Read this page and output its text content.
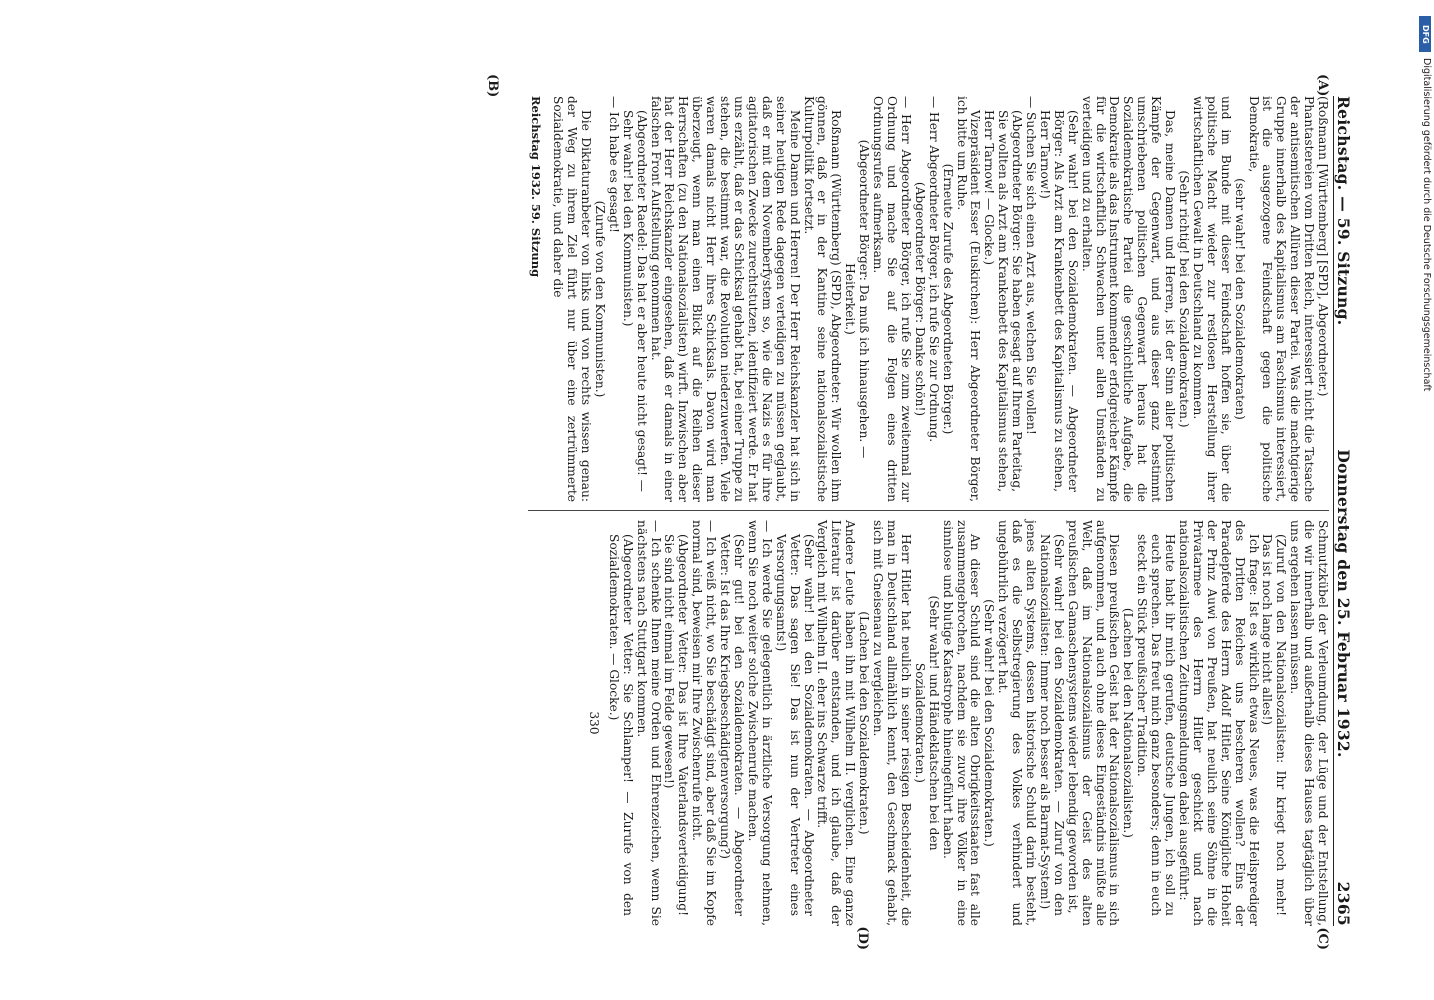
Reichstag. — 59. Sitzung.
Donnerstag den 25. Februar 1932.
2365
(A)
(B)

(Roßmann [Württemberg] [SPD], Abgeordneter.)

Phantastereien vom Dritten Reich, interessiert nicht die Tatsache der antisemitischen Allüren dieser Partei. Was die machtgierige Gruppe innerhalb des Kapitalismus am Faschismus interessiert, ist die ausgezogene Feindschaft gegen die politische Demokratie,

(sehr wahr! bei den Sozialdemokraten)

und im Bunde mit dieser Feindschaft hoffen sie, über die politische Macht wieder zur restlosen Herstellung ihrer wirtschaftlichen Gewalt in Deutschland zu kommen.

(Sehr richtig! bei den Sozialdemokraten.)

Das, meine Damen und Herren, ist der Sinn aller politischen Kämpfe der Gegenwart, und aus dieser ganz bestimmt umschriebenen politischen Gegenwart heraus hat die Sozialdemokratische Partei die geschichtliche Aufgabe, die Demokratie als das Instrument kommender erfolgreicher Kämpfe für die wirtschaftlich Schwachen unter allen Umständen zu verteidigen und zu erhalten.

(Sehr wahr! bei den Sozialdemokraten. — Abgeordneter Börger: Als Arzt am Krankenbett des Kapitalismus zu stehen, Herr Tarnow!)

— Suchen Sie sich einen Arzt aus, welchen Sie wollen!

(Abgeordneter Börger: Sie haben gesagt auf Ihrem Parteitag, Sie wollten als Arzt am Krankenbett des Kapitalismus stehen, Herr Tarnow! — Glocke.)

Vizepräsident Esser (Euskirchen): Herr Abgeordneter Börger, ich bitte um Ruhe.

(Erneute Zurufe des Abgeordneten Börger.)

— Herr Abgeordneter Börger, ich rufe Sie zur Ordnung.

(Abgeordneter Börger: Danke schön!)

— Herr Abgeordneter Börger, ich rufe Sie zum zweitenmal zur Ordnung und mache Sie auf die Folgen eines dritten Ordnungsrufes aufmerksam.

(Abgeordneter Börger: Da muß ich hinausgehen. — Heiterkeit.)

Roßmann (Württemberg) (SPD), Abgeordneter: Wir wollen ihm gönnen, daß er in der Kantine seine nationalsozialistische Kulturpolitik fortsetzt.

Meine Damen und Herren! Der Herr Reichskanzler hat sich in seiner heutigen Rede dagegen verteidigen zu müssen geglaubt, daß er mit dem Novemberfystem so, wie die Nazis es für ihre agitatorischen Zwecke zurechtstutzen, identifiziert werde. Er hat uns erzählt, daß er das Schicksal gehabt hat, bei einer Truppe zu stehen, die bestimmt war, die Revolution niederzuwerfen. Viele waren damals nicht Herr ihres Schicksals. Davon wird man überzeugt, wenn man einen Blick auf die Reihen dieser Herrschaften (zu den Nationalsozialisten) wirft. Inzwischen aber hat der Herr Reichskanzler eingesehen, daß er damals in einer falschen Front Aufstellung genommen hat.

(Abgeordneter Raedel: Das hat er aber heute nicht gesagt! — Sehr wahr! bei den Kommunisten.)

— Ich habe es gesagt!

(Zurufe von den Kommunisten.)

Die Diktaturanbeter von links und von rechts wissen genau: der Weg zu ihrem Ziel führt nur über eine zertrümmerte Sozialdemokratie, und daher die

Reichstag 1932. 59. Sitzung
(C)
(D)

Schmutzkübel der Verleumdung, der Lüge und der Entstellung, die wir innerhalb und außerhalb dieses Hauses tagtäglich über uns ergehen lassen müssen.

(Zuruf von den Nationalsozialisten: Ihr kriegt noch mehr! Das ist noch lange nicht alles!)

Ich frage: Ist es wirklich etwas Neues, was die Heilsprediger des Dritten Reiches uns bescheren wollen? Eins der Paradepferde des Herrn Adolf Hitler, Seine Königliche Hoheit der Prinz Auwi von Preußen, hat neulich seine Söhne in die Privatarmee des Herrn Hitler geschickt und nach nationalsozialistischen Zeitungsmeldungen dabei ausgeführt:

Heute habt ihr mich gerufen, deutsche Jungen, ich soll zu euch sprechen. Das freut mich ganz besonders; denn in euch steckt ein Stück preußischer Tradition.

(Lachen bei den Nationalsozialisten.)

Diesen preußischen Geist hat der Nationalsozialismus in sich aufgenommen, und auch ohne dieses Eingeständnis müßte alle Welt, daß im Nationalsozialismus der Geist des alten preußischen Gamaschensystems wieder lebendig geworden ist,

(Sehr wahr! bei den Sozialdemokraten. — Zuruf von den Nationalsozialisten: Immer noch besser als Barmat-System!)

jenes alten Systems, dessen historische Schuld darin besteht, daß es die Selbstregierung des Volkes verhindert und ungebührlich verzögert hat.

(Sehr wahr! bei den Sozialdemokraten.)

An dieser Schuld sind die alten Obrigkeitsstaaten fast alle zusammengebrochen, nachdem sie zuvor ihre Völker in eine sinnlose und blutige Katastrophe hineingeführt haben.

(Sehr wahr! und Händeklatschen bei den Sozialdemokraten.)

Herr Hitler hat neulich in seiner riesigen Bescheidenheit, die man in Deutschland allmählich kennt, den Geschmack gehabt, sich mit Gneisenau zu vergleichen.

(Lachen bei den Sozialdemokraten.)

Andere Leute haben ihn mit Wilhelm II. verglichen. Eine ganze Literatur ist darüber entstanden, und ich glaube, daß der Vergleich mit Wilhelm II. eher ins Schwarze trifft.

(Sehr wahr! bei den Sozialdemokraten. — Abgeordneter Vetter: Das sagen Sie! Das ist nun der Vertreter eines Versorgungsamts!)

— Ich werde Sie gelegentlich in ärztliche Versorgung nehmen, wenn Sie noch weiter solche Zwischenrufe machen.

(Sehr gut! bei den Sozialdemokraten. — Abgeordneter Vetter: Ist das Ihre Kriegsbeschädigtenversorgung?)

— Ich weiß nicht, wo Sie beschädigt sind, aber daß Sie im Kopfe normal sind, beweisen mir Ihre Zwischenrufe nicht.

(Abgeordneter Vetter: Das ist Ihre Vaterlandsverteidigung! Sie sind nicht einmal im Felde gewesen!)

— Ich schenke Ihnen meine Orden und Ehrenzeichen, wenn Sie nächstens nach Stuttgart kommen.

(Abgeordneter Vetter: Sie Schlamper! — Zurufe von den Sozialdemokraten. — Glocke.)

330
DFG
Digitalisierung gefördert durch die Deutsche Forschungsgemeinschaft
